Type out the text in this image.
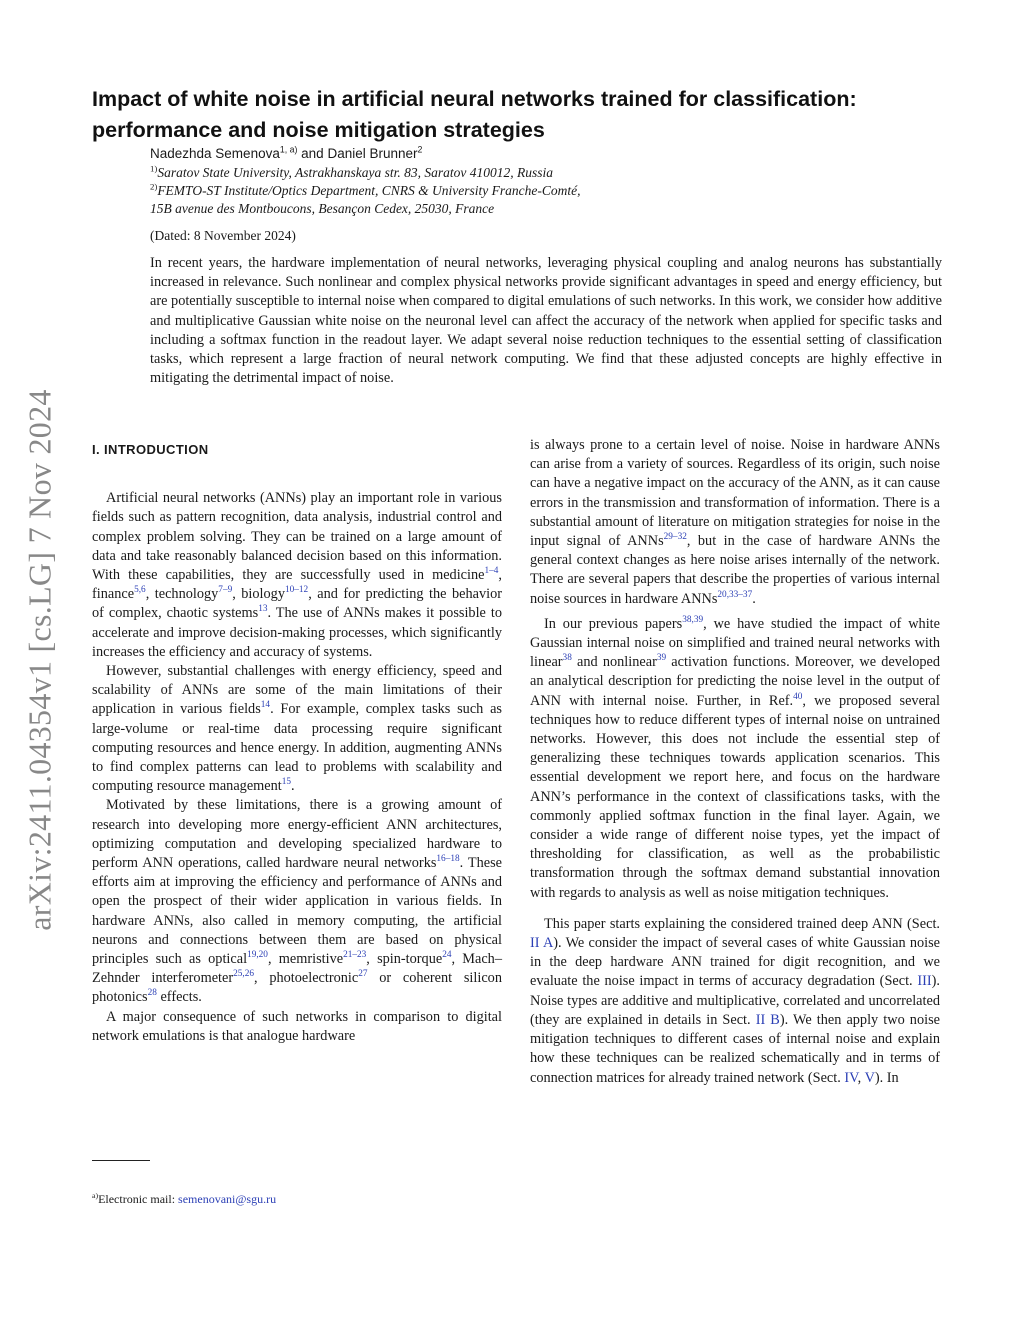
arXiv:2411.04354v1 [cs.LG] 7 Nov 2024
Impact of white noise in artificial neural networks trained for classification:
performance and noise mitigation strategies
Nadezhda Semenova$^{1, a)}$ and Daniel Brunner$^2$
$^{1)}$Saratov State University, Astrakhanskaya str. 83, Saratov 410012, Russia
$^{2)}$FEMTO-ST Institute/Optics Department, CNRS & University Franche-Comté,
15B avenue des Montboucons, Besançon Cedex, 25030, France
(Dated: 8 November 2024)

In recent years, the hardware implementation of neural networks, leveraging physical coupling and analog neurons has substantially increased in relevance. Such nonlinear and complex physical networks provide significant advantages in speed and energy efficiency, but are potentially susceptible to internal noise when compared to digital emulations of such networks. In this work, we consider how additive and multiplicative Gaussian white noise on the neuronal level can affect the accuracy of the network when applied for specific tasks and including a softmax function in the readout layer. We adapt several noise reduction techniques to the essential setting of classification tasks, which represent a large fraction of neural network computing. We find that these adjusted concepts are highly effective in mitigating the detrimental impact of noise.

I. INTRODUCTION

Artificial neural networks (ANNs) play an important role in various fields such as pattern recognition, data analysis, industrial control and complex problem solving. They can be trained on a large amount of data and take reasonably balanced decision based on this information. With these capabilities, they are successfully used in medicine$^{1-4}$, finance$^{5,6}$, technology$^{7-9}$, biology$^{10-12}$, and for predicting the behavior of complex, chaotic systems$^{13}$. The use of ANNs makes it possible to accelerate and improve decision-making processes, which significantly increases the efficiency and accuracy of systems.

However, substantial challenges with energy efficiency, speed and scalability of ANNs are some of the main limitations of their application in various fields$^{14}$. For example, complex tasks such as large-volume or real-time data processing require significant computing resources and hence energy. In addition, augmenting ANNs to find complex patterns can lead to problems with scalability and computing resource management$^{15}$.

Motivated by these limitations, there is a growing amount of research into developing more energy-efficient ANN architectures, optimizing computation and developing specialized hardware to perform ANN operations, called hardware neural networks$^{16-18}$. These efforts aim at improving the efficiency and performance of ANNs and open the prospect of their wider application in various fields. In hardware ANNs, also called in memory computing, the artificial neurons and connections between them are based on physical principles such as optical$^{19,20}$, memristive$^{21-23}$, spin-torque$^{24}$, Mach–Zehnder interferometer$^{25,26}$, photoelectronic$^{27}$ or coherent silicon photonics$^{28}$ effects.

A major consequence of such networks in comparison to digital network emulations is that analogue hardware

is always prone to a certain level of noise. Noise in hardware ANNs can arise from a variety of sources. Regardless of its origin, such noise can have a negative impact on the accuracy of the ANN, as it can cause errors in the transmission and transformation of information. There is a substantial amount of literature on mitigation strategies for noise in the input signal of ANNs$^{29-32}$, but in the case of hardware ANNs the general context changes as here noise arises internally of the network. There are several papers that describe the properties of various internal noise sources in hardware ANNs$^{20,33-37}$.

In our previous papers$^{38,39}$, we have studied the impact of white Gaussian internal noise on simplified and trained neural networks with linear$^{38}$ and nonlinear$^{39}$ activation functions. Moreover, we developed an analytical description for predicting the noise level in the output of ANN with internal noise. Further, in Ref.$^{40}$, we proposed several techniques how to reduce different types of internal noise on untrained networks. However, this does not include the essential step of generalizing these techniques towards application scenarios. This essential development we report here, and focus on the hardware ANN’s performance in the context of classifications tasks, with the commonly applied softmax function in the final layer. Again, we consider a wide range of different noise types, yet the impact of thresholding for classification, as well as the probabilistic transformation through the softmax demand substantial innovation with regards to analysis as well as noise mitigation techniques.

This paper starts explaining the considered trained deep ANN (Sect. II A). We consider the impact of several cases of white Gaussian noise in the deep hardware ANN trained for digit recognition, and we evaluate the noise impact in terms of accuracy degradation (Sect. III). Noise types are additive and multiplicative, correlated and uncorrelated (they are explained in details in Sect. II B). We then apply two noise mitigation techniques to different cases of internal noise and explain how these techniques can be realized schematically and in terms of connection matrices for already trained network (Sect. IV, V). In

$^{a)}$Electronic mail: semenovani@sgu.ru
